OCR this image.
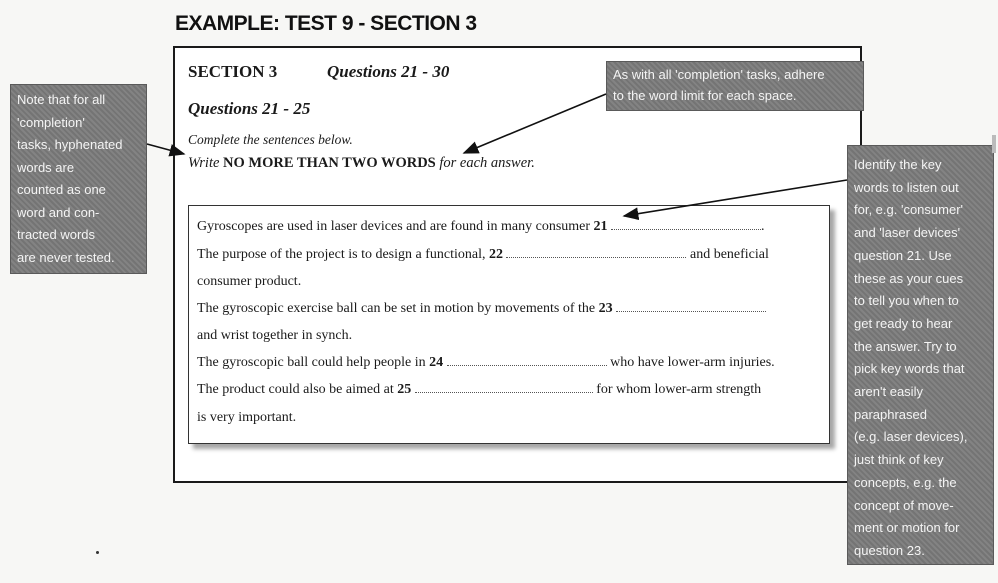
EXAMPLE: TEST 9 - SECTION 3
SECTION 3	Questions 21 - 30
Questions 21 - 25
Complete the sentences below.
Write NO MORE THAN TWO WORDS for each answer.
Gyroscopes are used in laser devices and are found in many consumer 21	.
The purpose of the project is to design a functional, 22	and beneficial
consumer product.
The gyroscopic exercise ball can be set in motion by movements of the 23
and wrist together in synch.
The gyroscopic ball could help people in 24	who have lower-arm injuries.
The product could also be aimed at 25	for whom lower-arm strength
is very important.
Note that for all
'completion'
tasks, hyphenated
words are
counted as one
word and con-
tracted words
are never tested.
As with all 'completion' tasks, adhere
to the word limit for each space.
Identify the key
words to listen out
for, e.g. 'consumer'
and 'laser devices'
question 21. Use
these as your cues
to tell you when to
get ready to hear
the answer. Try to
pick key words that
aren't easily
paraphrased
(e.g. laser devices),
just think of key
concepts, e.g. the
concept of move-
ment or motion for
question 23.
